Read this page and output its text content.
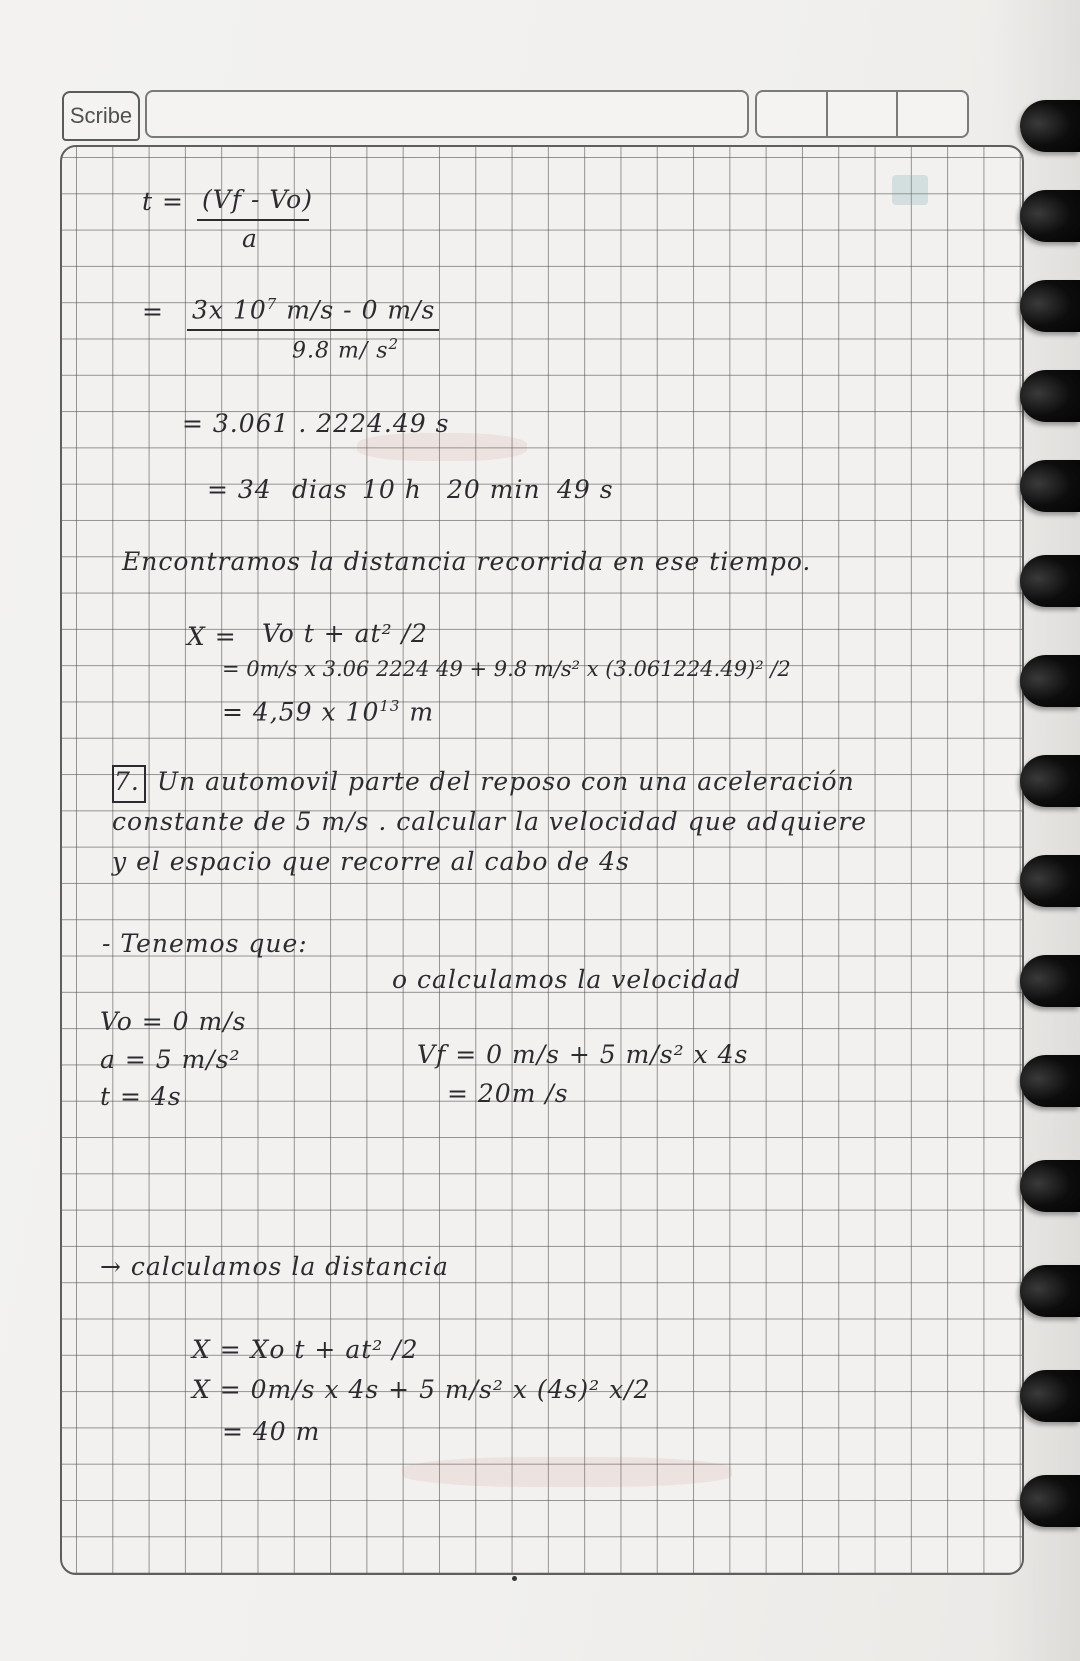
Scribe
t = (Vf - Vo)
a
= 3x $10^7$ m/s - 0 m/s
9.8 m/ $s^2$
= 3.061 . 2224.49 s
= 34 dias 10 h 20 min 49 s
Encontramos la distancia recorrida en ese tiempo.
X = Vo t + at² /2
= 0m/s x 3.06 2224 49 + 9.8 m/s² x (3.061224.49)² /2
= 4,59 x $10^{13}$ m
7. Un automovil parte del reposo con una aceleración
constante de 5 m/s . calcular la velocidad que adquiere
y el espacio que recorre al cabo de 4s
- Tenemos que:
o calculamos la velocidad
Vo = 0 m/s
a = 5 m/s²
t = 4s
Vf = 0 m/s + 5 m/s² x 4s
= 20m /s
→ calculamos la distancia
X = Xo t + at² /2
X = 0m/s x 4s + 5 m/s² x (4s)² x/2
= 40 m
